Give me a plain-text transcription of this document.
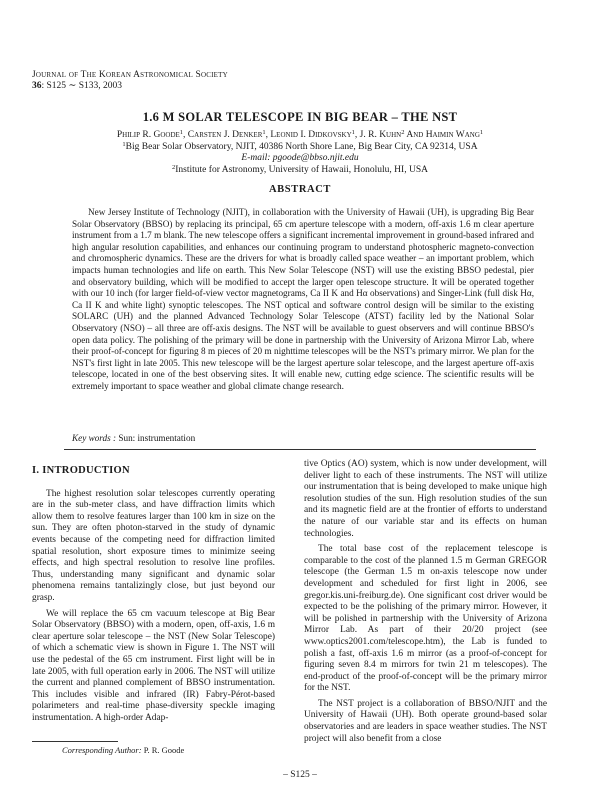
Journal of The Korean Astronomical Society
36: S125 ∼ S133, 2003
1.6 M SOLAR TELESCOPE IN BIG BEAR – THE NST
Philip R. Goode$^1$, Carsten J. Denker$^1$, Leonid I. Didkovsky$^1$, J. R. Kuhn$^2$ And Haimin Wang$^1$
$^1$Big Bear Solar Observatory, NJIT, 40386 North Shore Lane, Big Bear City, CA 92314, USA
E-mail: pgoode@bbso.njit.edu
$^2$Institute for Astronomy, University of Hawaii, Honolulu, HI, USA
ABSTRACT

New Jersey Institute of Technology (NJIT), in collaboration with the University of Hawaii (UH), is upgrading Big Bear Solar Observatory (BBSO) by replacing its principal, 65 cm aperture telescope with a modern, off-axis 1.6 m clear aperture instrument from a 1.7 m blank. The new telescope offers a significant incremental improvement in ground-based infrared and high angular resolution capabilities, and enhances our continuing program to understand photospheric magneto-convection and chromospheric dynamics. These are the drivers for what is broadly called space weather – an important problem, which impacts human technologies and life on earth. This New Solar Telescope (NST) will use the existing BBSO pedestal, pier and observatory building, which will be modified to accept the larger open telescope structure. It will be operated together with our 10 inch (for larger field-of-view vector magnetograms, Ca II K and Hα observations) and Singer-Link (full disk Hα, Ca II K and white light) synoptic telescopes. The NST optical and software control design will be similar to the existing SOLARC (UH) and the planned Advanced Technology Solar Telescope (ATST) facility led by the National Solar Observatory (NSO) – all three are off-axis designs. The NST will be available to guest observers and will continue BBSO's open data policy. The polishing of the primary will be done in partnership with the University of Arizona Mirror Lab, where their proof-of-concept for figuring 8 m pieces of 20 m nighttime telescopes will be the NST's primary mirror. We plan for the NST's first light in late 2005. This new telescope will be the largest aperture solar telescope, and the largest aperture off-axis telescope, located in one of the best observing sites. It will enable new, cutting edge science. The scientific results will be extremely important to space weather and global climate change research.

Key words : Sun: instrumentation
I. INTRODUCTION

The highest resolution solar telescopes currently operating are in the sub-meter class, and have diffraction limits which allow them to resolve features larger than 100 km in size on the sun. They are often photon-starved in the study of dynamic events because of the competing need for diffraction limited spatial resolution, short exposure times to minimize seeing effects, and high spectral resolution to resolve line profiles. Thus, understanding many significant and dynamic solar phenomena remains tantalizingly close, but just beyond our grasp.

We will replace the 65 cm vacuum telescope at Big Bear Solar Observatory (BBSO) with a modern, open, off-axis, 1.6 m clear aperture solar telescope – the NST (New Solar Telescope) of which a schematic view is shown in Figure 1. The NST will use the pedestal of the 65 cm instrument. First light will be in late 2005, with full operation early in 2006. The NST will utilize the current and planned complement of BBSO instrumentation. This includes visible and infrared (IR) Fabry-Pérot-based polarimeters and real-time phase-diversity speckle imaging instrumentation. A high-order Adap-

tive Optics (AO) system, which is now under development, will deliver light to each of these instruments. The NST will utilize our instrumentation that is being developed to make unique high resolution studies of the sun. High resolution studies of the sun and its magnetic field are at the frontier of efforts to understand the nature of our variable star and its effects on human technologies.

The total base cost of the replacement telescope is comparable to the cost of the planned 1.5 m German GREGOR telescope (the German 1.5 m on-axis telescope now under development and scheduled for first light in 2006, see gregor.kis.uni-freiburg.de). One significant cost driver would be expected to be the polishing of the primary mirror. However, it will be polished in partnership with the University of Arizona Mirror Lab. As part of their 20/20 project (see www.optics2001.com/telescope.htm), the Lab is funded to polish a fast, off-axis 1.6 m mirror (as a proof-of-concept for figuring seven 8.4 m mirrors for twin 21 m telescopes). The end-product of the proof-of-concept will be the primary mirror for the NST.

The NST project is a collaboration of BBSO/NJIT and the University of Hawaii (UH). Both operate ground-based solar observatories and are leaders in space weather studies. The NST project will also benefit from a close

Corresponding Author: P. R. Goode
– S125 –
